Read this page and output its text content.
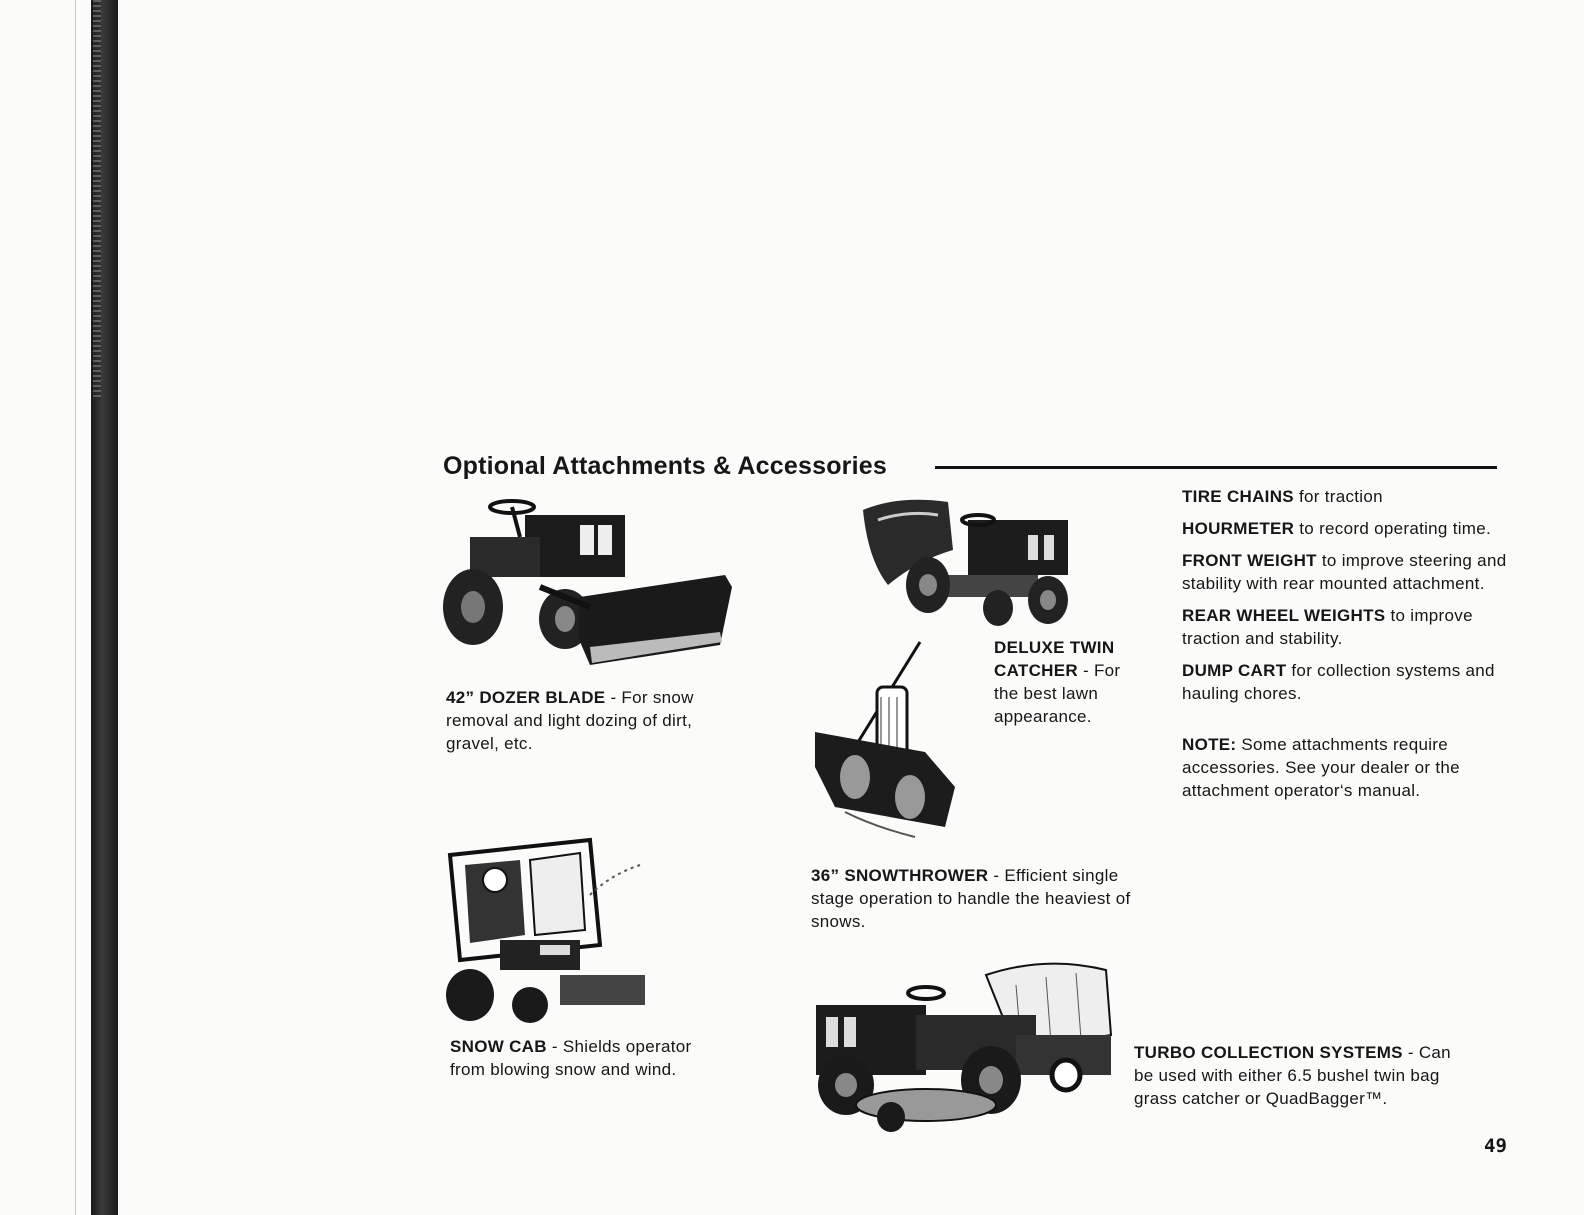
Optional Attachments & Accessories
42” DOZER BLADE - For snow removal and light dozing of dirt, gravel, etc.
DELUXE TWIN CATCHER - For the best lawn appearance.
36” SNOWTHROWER - Efficient single stage operation to handle the heaviest of snows.
SNOW CAB - Shields operator from blowing snow and wind.
TURBO COLLECTION SYSTEMS - Can be used with either 6.5 bushel twin bag grass catcher or QuadBagger™.
TIRE CHAINS for traction
HOURMETER to record operating time.
FRONT WEIGHT to improve steering and stability with rear mounted attachment.
REAR WHEEL WEIGHTS to improve traction and stability.
DUMP CART for collection systems and hauling chores.
NOTE: Some attachments require accessories. See your dealer or the attachment operator‘s manual.
49
